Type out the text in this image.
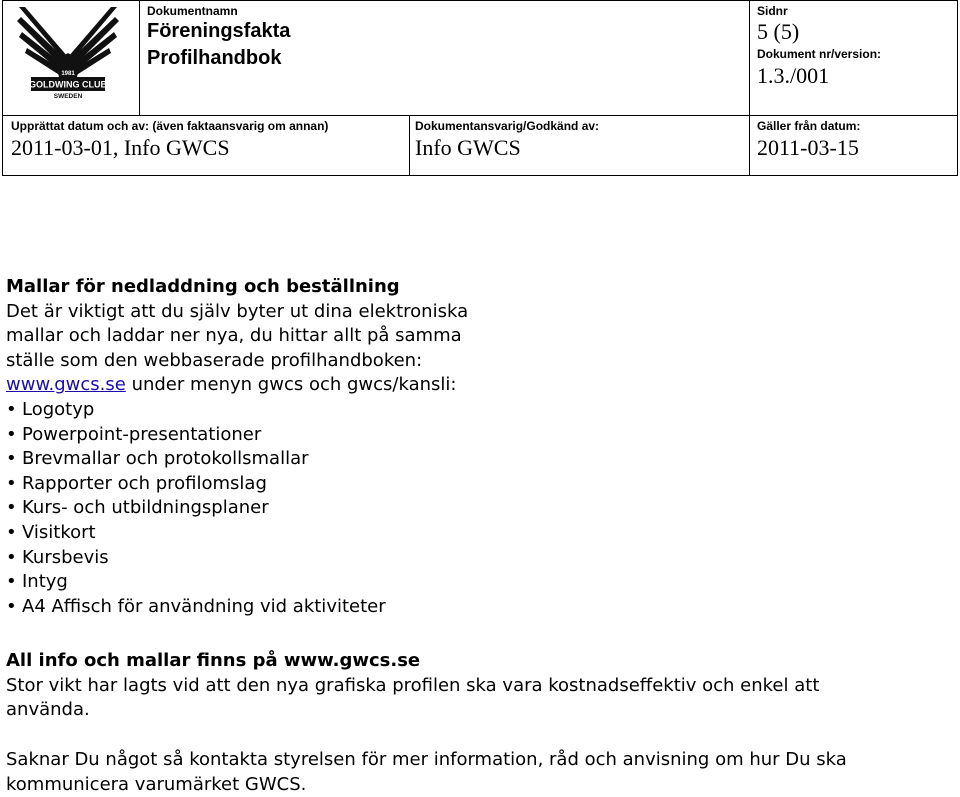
1981
GOLDWING CLUB
SWEDEN
Dokumentnamn
Föreningsfakta
Profilhandbok
Sidnr
5 (5)
Dokument nr/version:
1.3./001
Upprättat datum och av: (även faktaansvarig om annan)
2011-03-01, Info GWCS
Dokumentansvarig/Godkänd av:
Info GWCS
Gäller från datum:
2011-03-15
Mallar för nedladdning och beställning
Det är viktigt att du själv byter ut dina elektroniska
mallar och laddar ner nya, du hittar allt på samma
ställe som den webbaserade profilhandboken:
www.gwcs.se under menyn gwcs och gwcs/kansli:
• Logotyp
• Powerpoint-presentationer
• Brevmallar och protokollsmallar
• Rapporter och profilomslag
• Kurs- och utbildningsplaner
• Visitkort
• Kursbevis
• Intyg
• A4 Affisch för användning vid aktiviteter
All info och mallar finns på www.gwcs.se
Stor vikt har lagts vid att den nya grafiska profilen ska vara kostnadseffektiv och enkel att
använda.
Saknar Du något så kontakta styrelsen för mer information, råd och anvisning om hur Du ska
kommunicera varumärket GWCS.
